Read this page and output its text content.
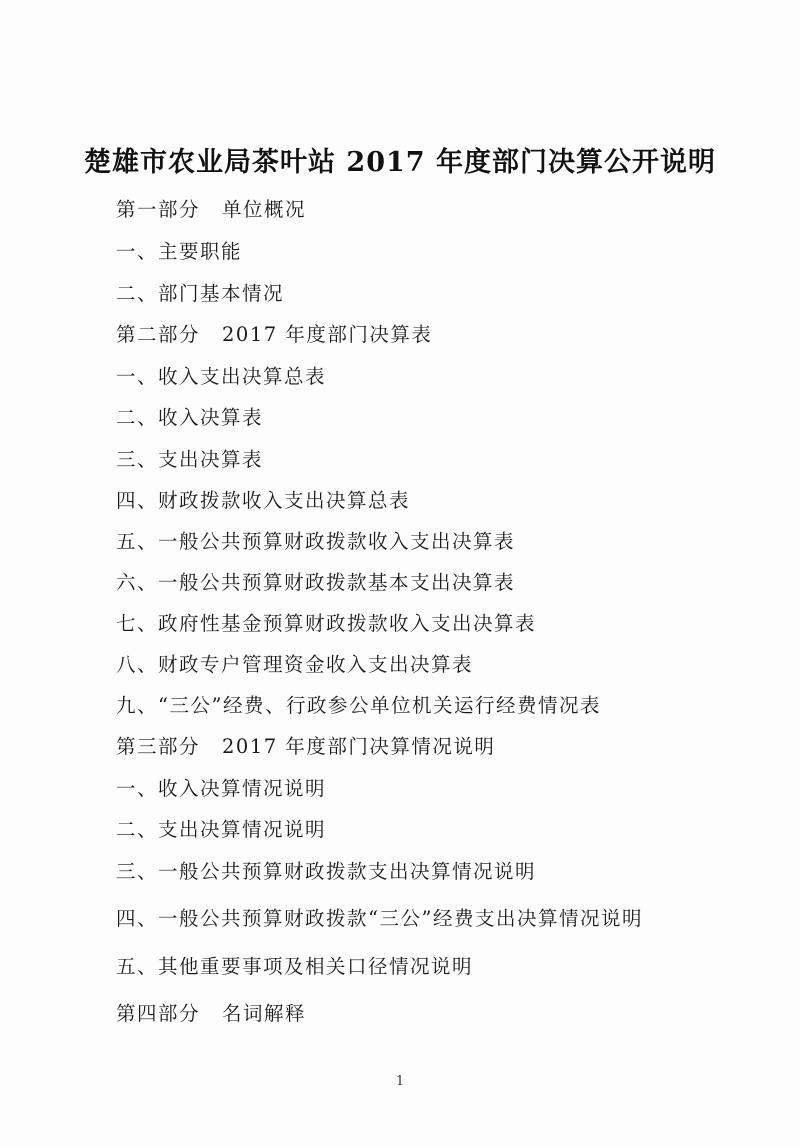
楚雄市农业局茶叶站 2017 年度部门决算公开说明
第一部分 单位概况
一、主要职能
二、部门基本情况
第二部分 2017 年度部门决算表
一、收入支出决算总表
二、收入决算表
三、支出决算表
四、财政拨款收入支出决算总表
五、一般公共预算财政拨款收入支出决算表
六、一般公共预算财政拨款基本支出决算表
七、政府性基金预算财政拨款收入支出决算表
八、财政专户管理资金收入支出决算表
九、“三公”经费、行政参公单位机关运行经费情况表
第三部分 2017 年度部门决算情况说明
一、收入决算情况说明
二、支出决算情况说明
三、一般公共预算财政拨款支出决算情况说明
四、一般公共预算财政拨款“三公”经费支出决算情况说明
五、其他重要事项及相关口径情况说明
第四部分 名词解释
1
